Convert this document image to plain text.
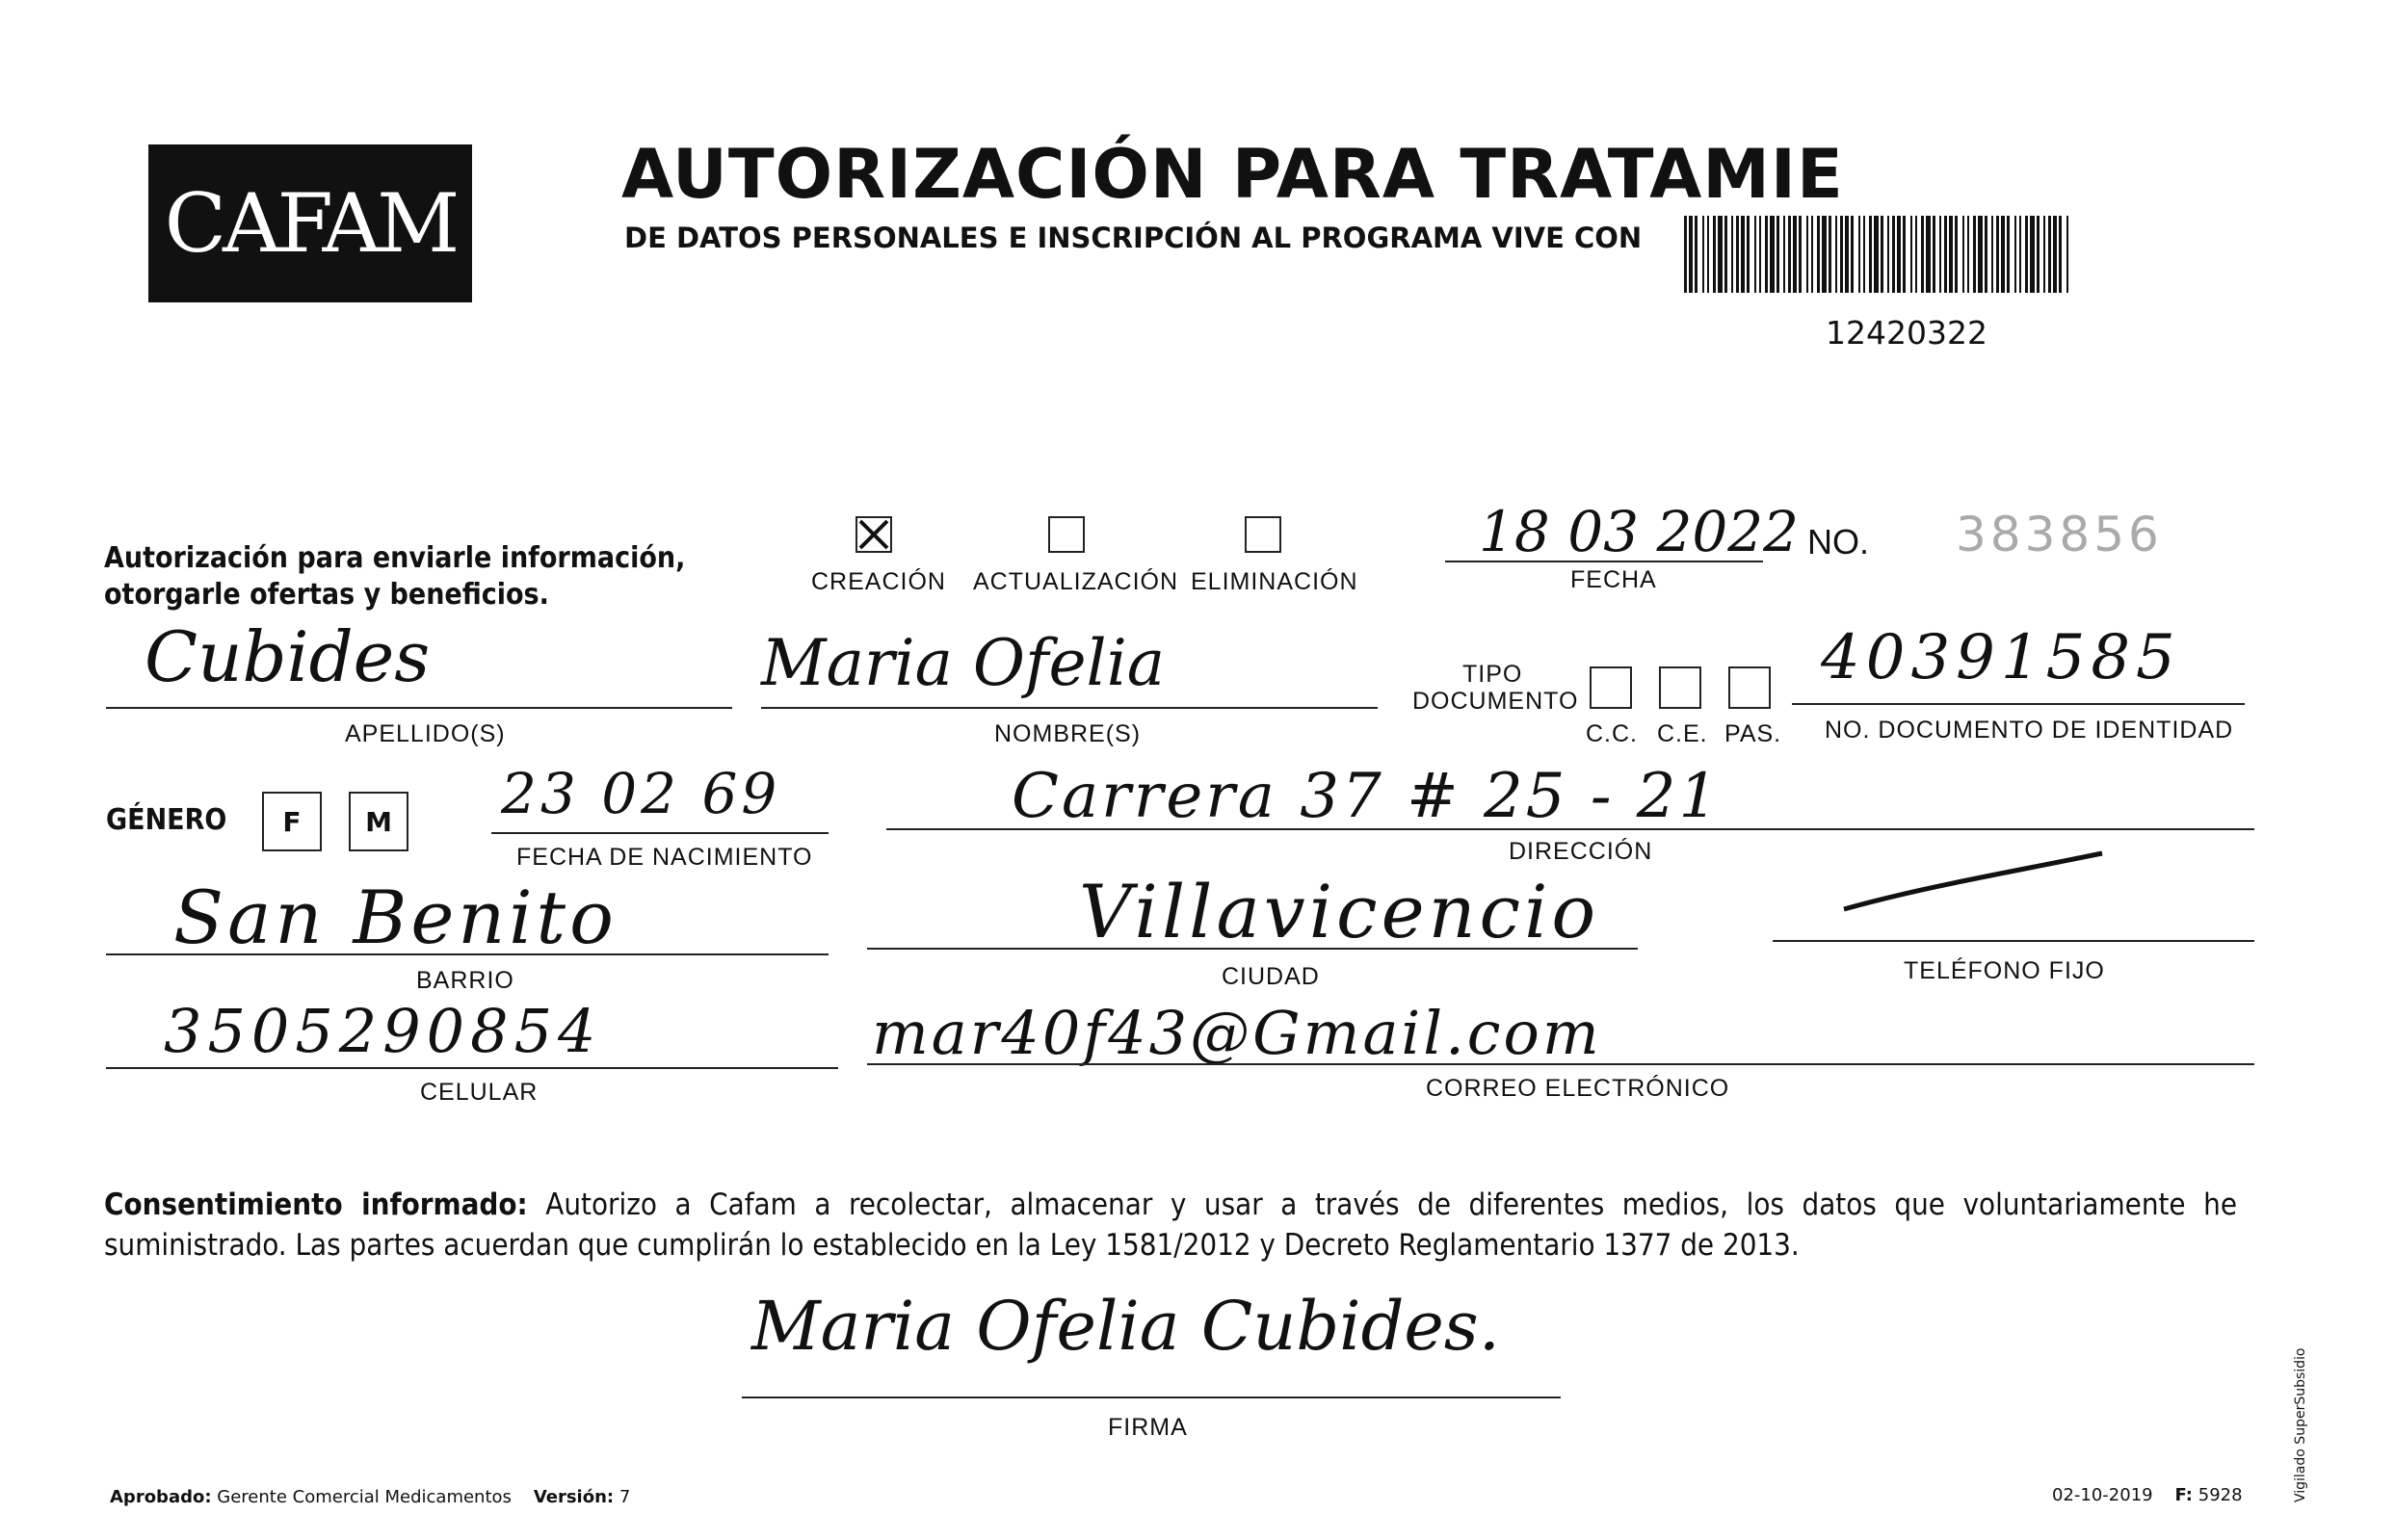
CAFAM
AUTORIZACIÓN PARA TRATAMIE
DE DATOS PERSONALES E INSCRIPCIÓN AL PROGRAMA VIVE CON
12420322
Autorización para enviarle información,
otorgarle ofertas y beneficios.	CREACIÓN ACTUALIZACIÓN ELIMINACIÓN
18 03 2022
FECHA
NO. 383856
Cubides
APELLIDO(S)
Maria Ofelia
NOMBRE(S)
TIPO
DOCUMENTO
C.C. C.E. PAS.
40391585
NO. DOCUMENTO DE IDENTIDAD
GÉNERO	F	M 23 02 69
FECHA DE NACIMIENTO
Carrera 37 # 25 - 21
DIRECCIÓN
San Benito
BARRIO
Villavicencio
CIUDAD	TELÉFONO FIJO
3505290854
CELULAR
mar40f43@Gmail.com
CORREO ELECTRÓNICO
Consentimiento informado: Autorizo a Cafam a recolectar, almacenar y usar a través de diferentes medios, los datos que voluntariamente he suministrado. Las partes acuerdan que cumplirán lo establecido en la Ley 1581/2012 y Decreto Reglamentario 1377 de 2013.
Maria Ofelia Cubides.
FIRMA
Aprobado: Gerente Comercial Medicamentos Versión: 7	02-10-2019 F: 5928	Vigilado SuperSubsidio
